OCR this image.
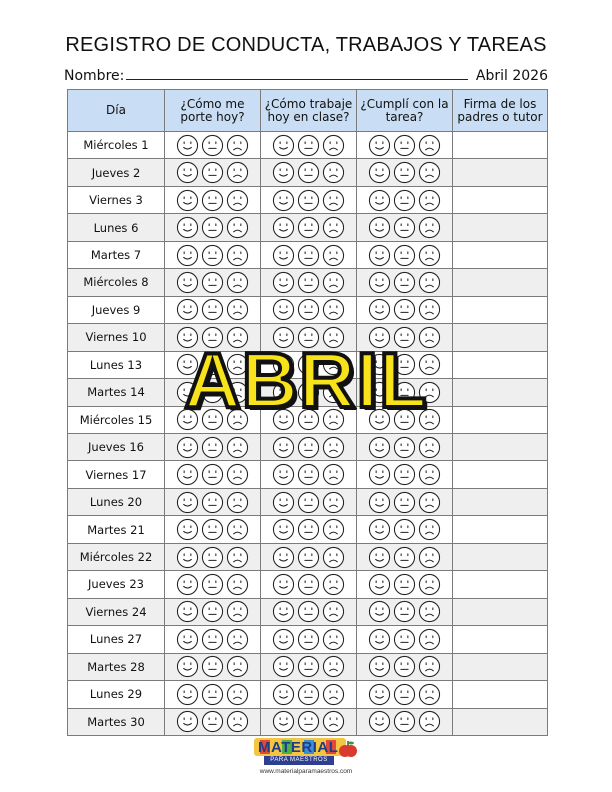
REGISTRO DE CONDUCTA, TRABAJOS Y TAREAS
Nombre:	Abril 2026
Día	¿Cómo me porte hoy?	¿Cómo trabaje hoy en clase?	¿Cumplí con la tarea?	Firma de los padres o tutor
Miércoles 1	

Jueves 2	

Viernes 3	

Lunes 6	

Martes 7	

Miércoles 8	

Jueves 9	

Viernes 10	

Lunes 13	

Martes 14	

Miércoles 15	

Jueves 16	

Viernes 17	

Lunes 20	

Martes 21	

Miércoles 22	

Jueves 23	

Viernes 24	

Lunes 27	

Martes 28	

Lunes 29	

Martes 30	

ABRIL
MATERIAL
PARA MAESTROS
www.materialparamaestros.com
